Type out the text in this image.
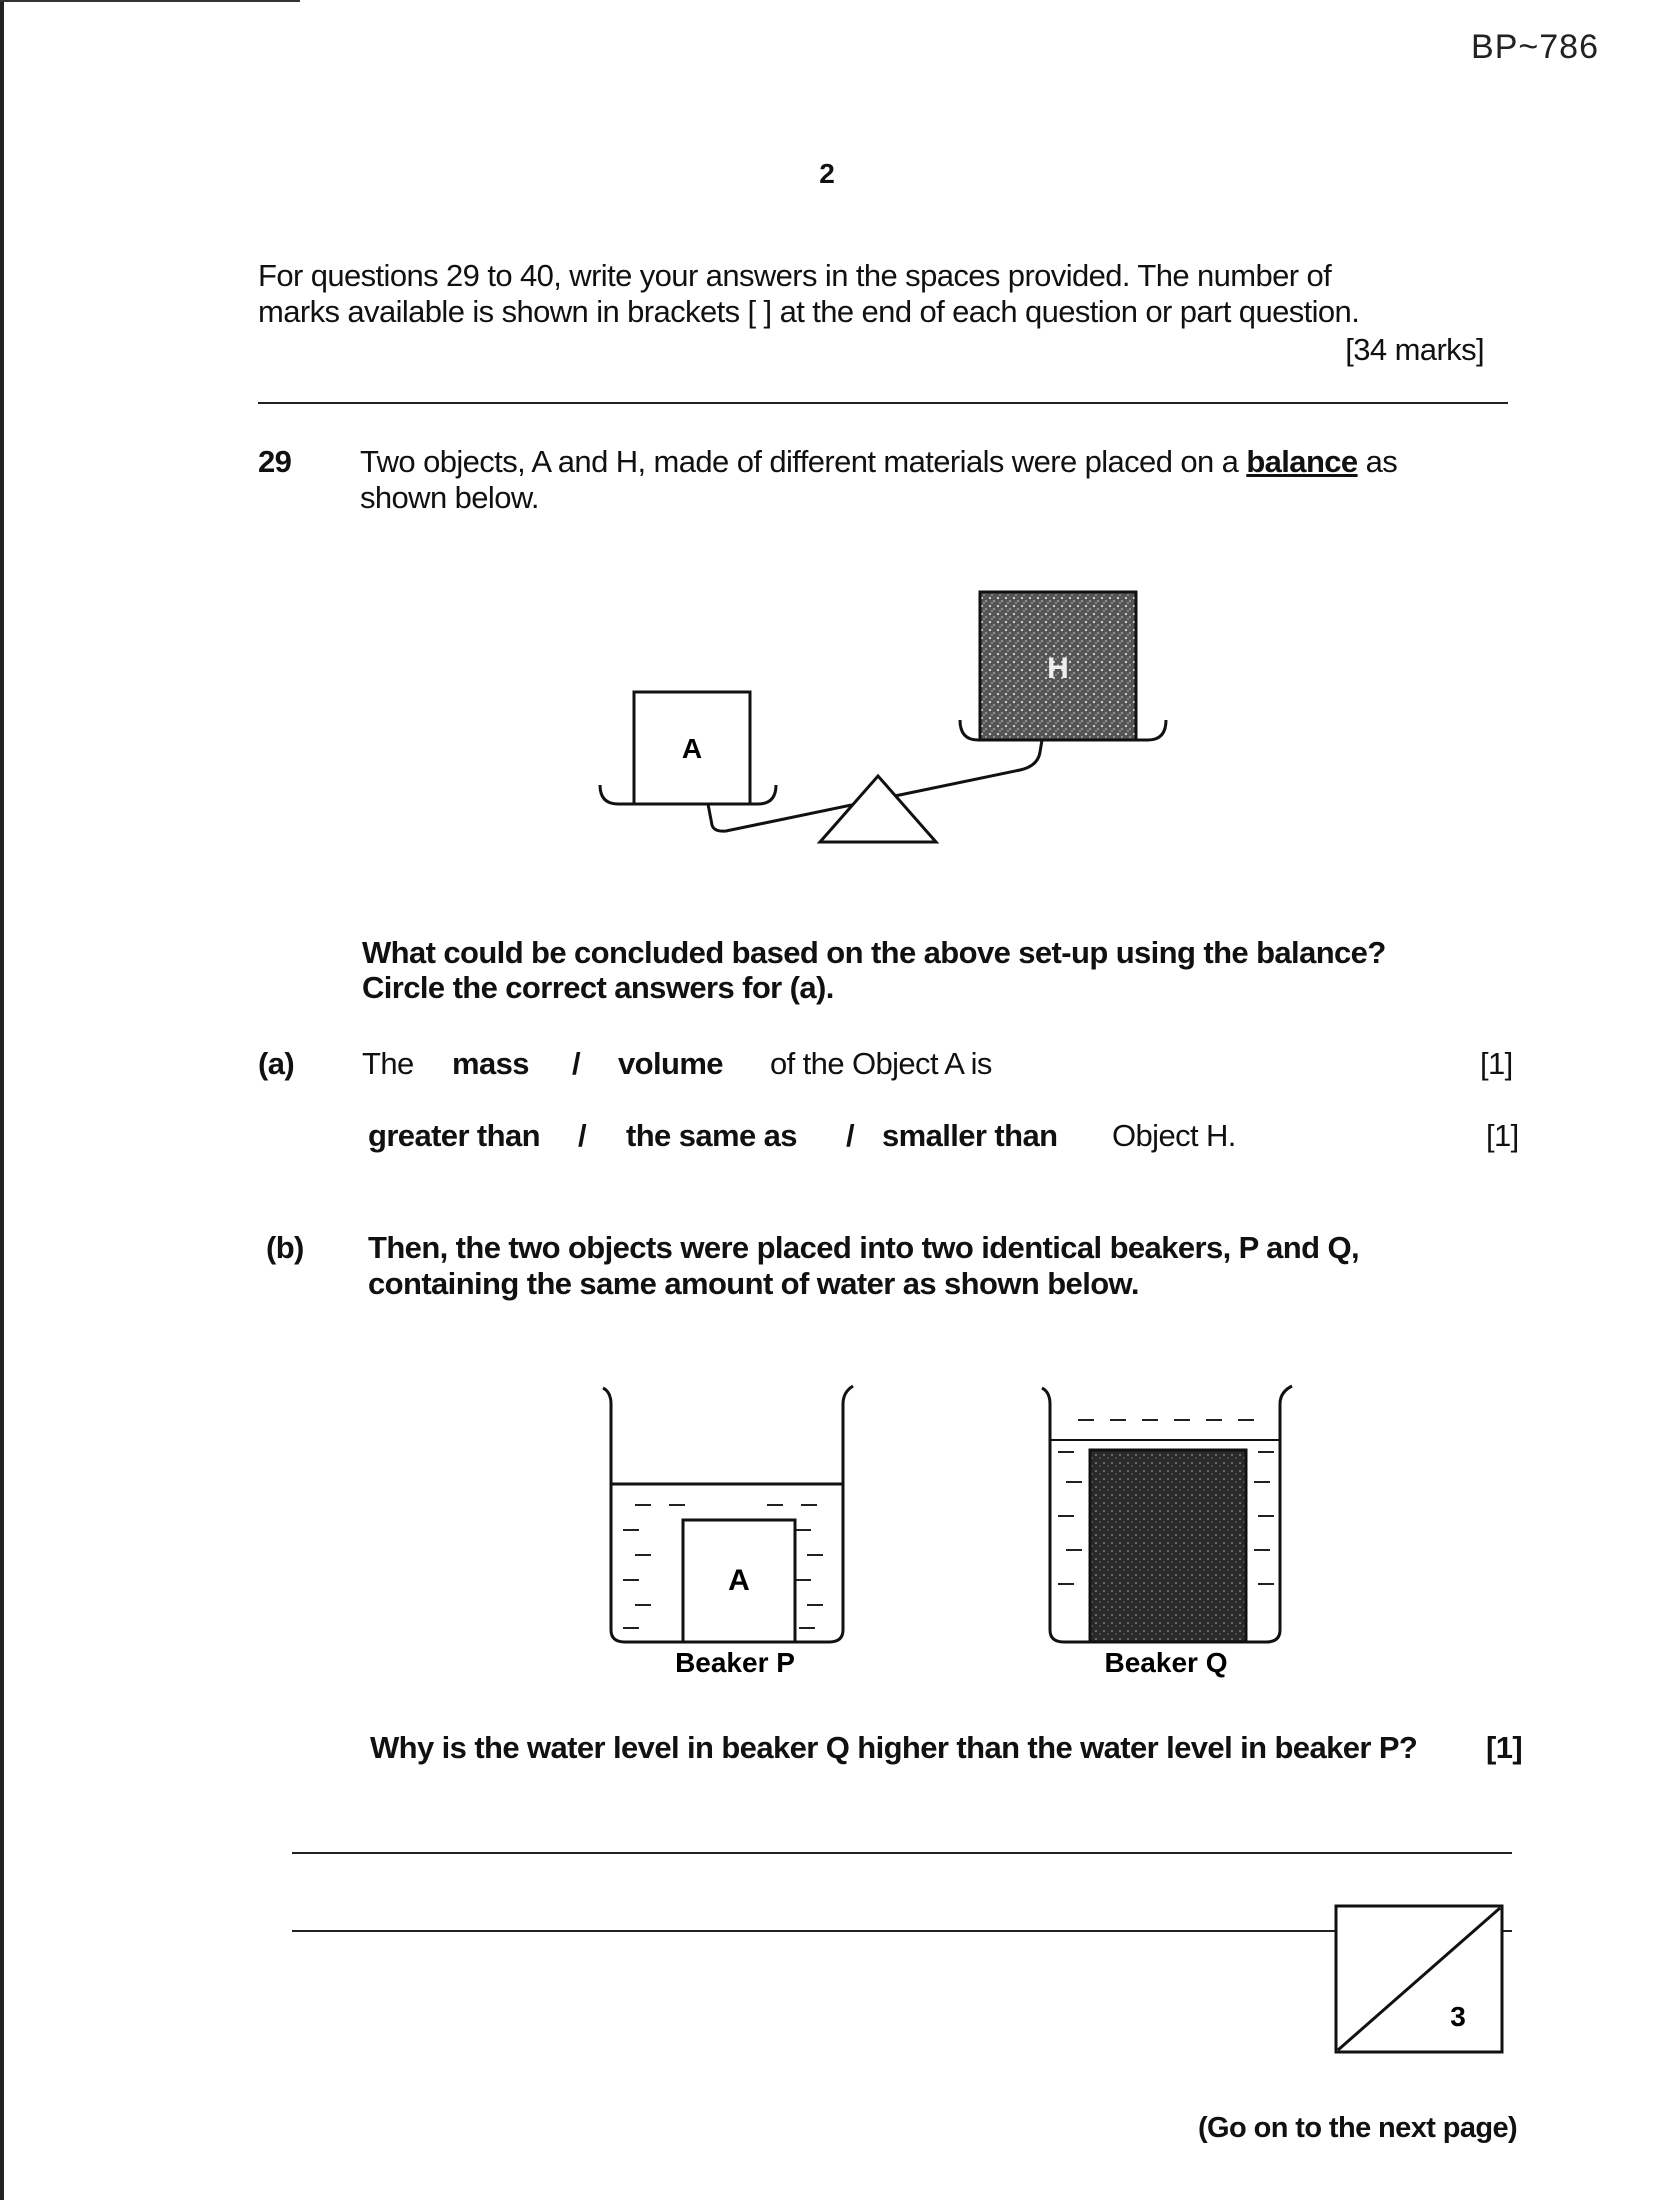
BP~786
2
For questions 29 to 40, write your answers in the spaces provided. The number of
marks available is shown in brackets [ ] at the end of each question or part question.
[34 marks]
29 Two objects, A and H, made of different materials were placed on a balance as
shown below.
A
H
What could be concluded based on the above set-up using the balance?
Circle the correct answers for (a).
(a) The mass / volume of the Object A is	[1]
greater than / the same as / smaller than Object H.	[1]
(b) Then, the two objects were placed into two identical beakers, P and Q,
containing the same amount of water as shown below.
A
Beaker P	Beaker Q
Why is the water level in beaker Q higher than the water level in beaker P? [1]
3
(Go on to the next page)
